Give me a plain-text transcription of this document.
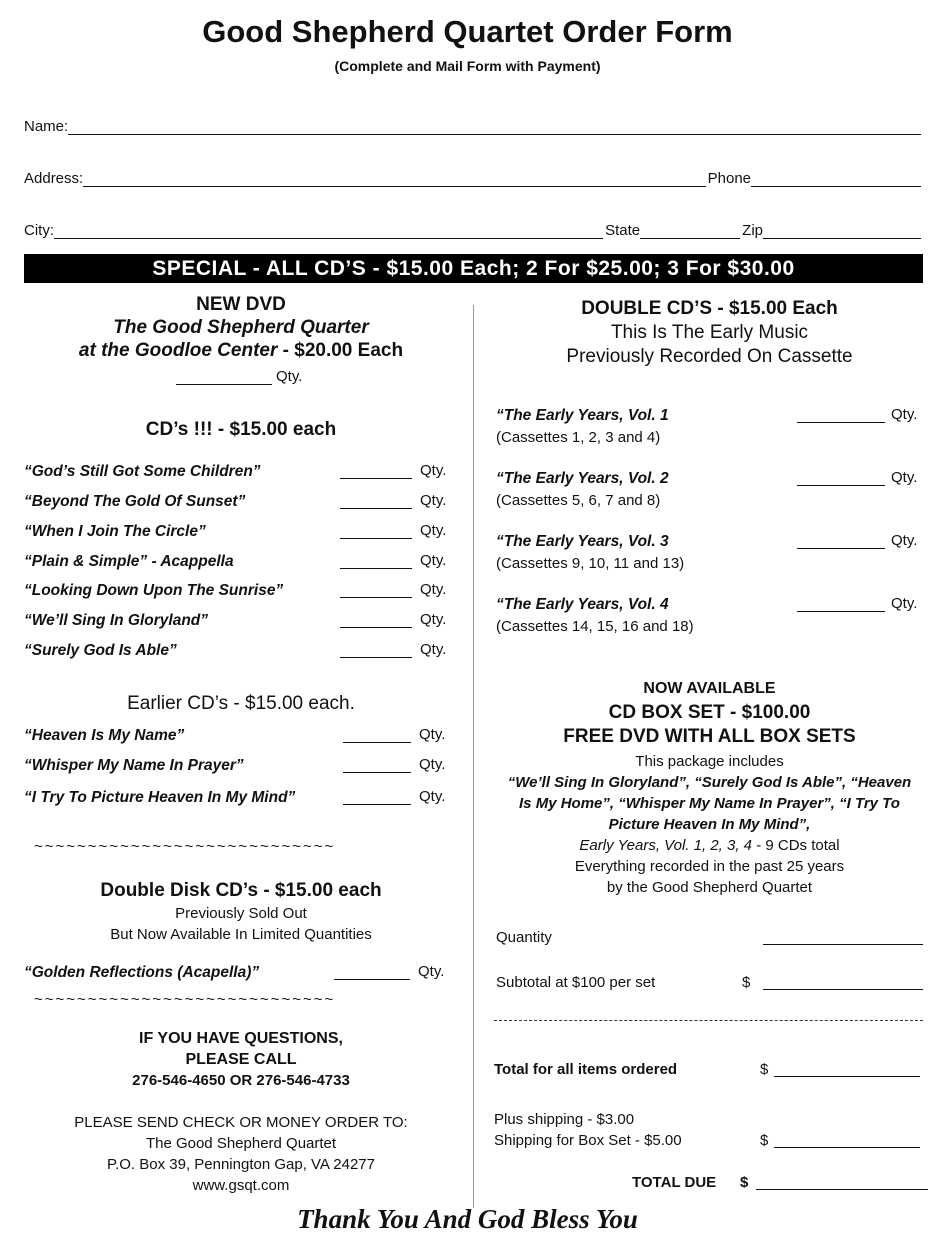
Good Shepherd Quartet Order Form
(Complete and Mail Form with Payment)
Name:
Address:	Phone
City:	State	Zip
SPECIAL - ALL CD’S - $15.00 Each; 2 For $25.00; 3 For $30.00
NEW DVD
The Good Shepherd Quarter
at the Goodloe Center - $20.00 Each
Qty.
CD’s !!! - $15.00 each
“God’s Still Got Some Children”	Qty.
“Beyond The Gold Of Sunset”	Qty.
“When I Join The Circle”	Qty.
“Plain & Simple” - Acappella	Qty.
“Looking Down Upon The Sunrise”	Qty.
“We’ll Sing In Gloryland”	Qty.
“Surely God Is Able”	Qty.
Earlier CD’s - $15.00 each.
“Heaven Is My Name”	Qty.
“Whisper My Name In Prayer”	Qty.
“I Try To Picture Heaven In My Mind”	Qty.
~~~~~~~~~~~~~~~~~~~~~~~~~~~~
Double Disk CD’s - $15.00 each
Previously Sold Out
But Now Available In Limited Quantities
“Golden Reflections (Acapella)”	Qty.
~~~~~~~~~~~~~~~~~~~~~~~~~~~~
IF YOU HAVE QUESTIONS,
PLEASE CALL
276-546-4650 OR 276-546-4733
PLEASE SEND CHECK OR MONEY ORDER TO:
The Good Shepherd Quartet
P.O. Box 39, Pennington Gap, VA 24277
www.gsqt.com
DOUBLE CD’S - $15.00 Each
This Is The Early Music
Previously Recorded On Cassette
“The Early Years, Vol. 1
(Cassettes 1, 2, 3 and 4)
Qty.
“The Early Years, Vol. 2
(Cassettes 5, 6, 7 and 8)
Qty.
“The Early Years, Vol. 3
(Cassettes 9, 10, 11 and 13)
Qty.
“The Early Years, Vol. 4
(Cassettes 14, 15, 16 and 18)
Qty.
NOW AVAILABLE
CD BOX SET - $100.00
FREE DVD WITH ALL BOX SETS
This package includes
“We’ll Sing In Gloryland”, “Surely God Is Able”, “Heaven
Is My Home”, “Whisper My Name In Prayer”, “I Try To
Picture Heaven In My Mind”,
Early Years, Vol. 1, 2, 3, 4 - 9 CDs total
Everything recorded in the past 25 years
by the Good Shepherd Quartet
Quantity
Subtotal at $100 per set	$
Total for all items ordered	$
Plus shipping - $3.00
Shipping for Box Set - $5.00	$
TOTAL DUE $
Thank You And God Bless You
